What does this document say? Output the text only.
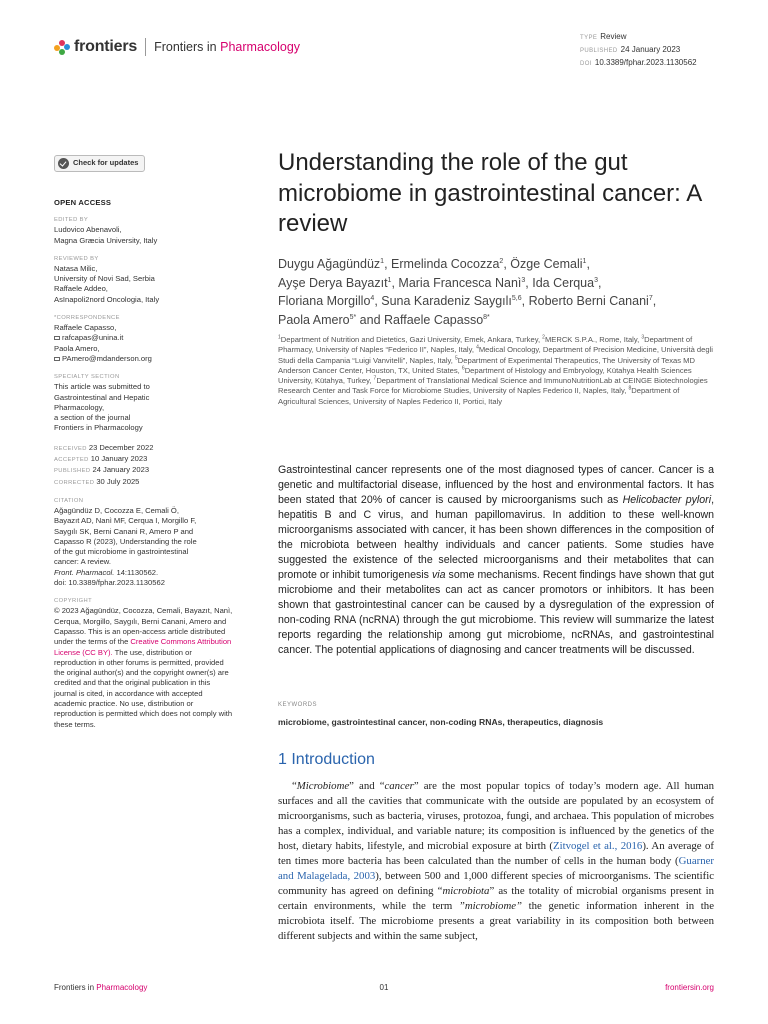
frontiers Frontiers in Pharmacology
TYPE Review
PUBLISHED 24 January 2023
DOI 10.3389/fphar.2023.1130562
Check for updates
OPEN ACCESS
EDITED BY
Ludovico Abenavoli,
Magna Græcia University, Italy
REVIEWED BY
Natasa Milic,
University of Novi Sad, Serbia
Raffaele Addeo,
AsInapoli2nord Oncologia, Italy
*CORRESPONDENCE
Raffaele Capasso,
rafcapas@unina.it
Paola Amero,
PAmero@mdanderson.org
SPECIALTY SECTION
This article was submitted to
Gastrointestinal and Hepatic
Pharmacology,
a section of the journal
Frontiers in Pharmacology
RECEIVED 23 December 2022
ACCEPTED 10 January 2023
PUBLISHED 24 January 2023
CORRECTED 30 July 2025
CITATION
Ağagündüz D, Cocozza E, Cemali Ö,
Bayazıt AD, Nanì MF, Cerqua I, Morgillo F,
Saygılı SK, Berni Canani R, Amero P and
Capasso R (2023), Understanding the role
of the gut microbiome in gastrointestinal
cancer: A review.
Front. Pharmacol. 14:1130562.
doi: 10.3389/fphar.2023.1130562
COPYRIGHT
© 2023 Ağagündüz, Cocozza, Cemali, Bayazıt, Nanì, Cerqua, Morgillo, Saygılı, Berni Canani, Amero and Capasso. This is an open-access article distributed under the terms of the Creative Commons Attribution License (CC BY). The use, distribution or reproduction in other forums is permitted, provided the original author(s) and the copyright owner(s) are credited and that the original publication in this journal is cited, in accordance with accepted academic practice. No use, distribution or reproduction is permitted which does not comply with these terms.
Understanding the role of the gut microbiome in gastrointestinal cancer: A review
Duygu Ağagündüz$^1$, Ermelinda Cocozza$^2$, Özge Cemali$^1$,
Ayşe Derya Bayazıt$^1$, Maria Francesca Nanì$^3$, Ida Cerqua$^3$,
Floriana Morgillo$^4$, Suna Karadeniz Saygılı$^{5,6}$, Roberto Berni Canani$^7$,
Paola Amero$^{5*}$ and Raffaele Capasso$^{8*}$
$^1$Department of Nutrition and Dietetics, Gazi University, Emek, Ankara, Turkey, $^2$MERCK S.P.A., Rome, Italy, $^3$Department of Pharmacy, University of Naples “Federico II”, Naples, Italy, $^4$Medical Oncology, Department of Precision Medicine, Università degli Studi della Campania “Luigi Vanvitelli”, Naples, Italy, $^5$Department of Experimental Therapeutics, The University of Texas MD Anderson Cancer Center, Houston, TX, United States, $^6$Department of Histology and Embryology, Kütahya Health Sciences University, Kütahya, Turkey, $^7$Department of Translational Medical Science and ImmunoNutritionLab at CEINGE Biotechnologies Research Center and Task Force for Microbiome Studies, University of Naples Federico II, Naples, Italy, $^8$Department of Agricultural Sciences, University of Naples Federico II, Portici, Italy
Gastrointestinal cancer represents one of the most diagnosed types of cancer. Cancer is a genetic and multifactorial disease, influenced by the host and environmental factors. It has been stated that 20% of cancer is caused by microorganisms such as Helicobacter pylori, hepatitis B and C virus, and human papillomavirus. In addition to these well-known microorganisms associated with cancer, it has been shown differences in the composition of the microbiota between healthy individuals and cancer patients. Some studies have suggested the existence of the selected microorganisms and their metabolites that can promote or inhibit tumorigenesis via some mechanisms. Recent findings have shown that gut microbiome and their metabolites can act as cancer promotors or inhibitors. It has been shown that gastrointestinal cancer can be caused by a dysregulation of the expression of non-coding RNA (ncRNA) through the gut microbiome. This review will summarize the latest reports regarding the relationship among gut microbiome, ncRNAs, and gastrointestinal cancer. The potential applications of diagnosing and cancer treatments will be discussed.
KEYWORDS
microbiome, gastrointestinal cancer, non-coding RNAs, therapeutics, diagnosis
1 Introduction

“Microbiome” and “cancer” are the most popular topics of today’s modern age. All human surfaces and all the cavities that communicate with the outside are populated by an ecosystem of microorganisms, such as bacteria, viruses, protozoa, fungi, and archaea. This population of microbes has a complex, individual, and variable nature; its composition is influenced by the genetics of the host, dietary habits, lifestyle, and microbial exposure at birth (Zitvogel et al., 2016). An average of ten times more bacteria has been calculated than the number of cells in the human body (Guarner and Malagelada, 2003), between 500 and 1,000 different species of microorganisms. The scientific community has agreed on defining “microbiota” as the totality of microbial organisms present in certain environments, while the term ”microbiome” the genetic information inherent in the microbiota itself. The microbiome presents a great variability in its composition both between different subjects and within the same subject,

Frontiers in Pharmacology	01	frontiersin.org
